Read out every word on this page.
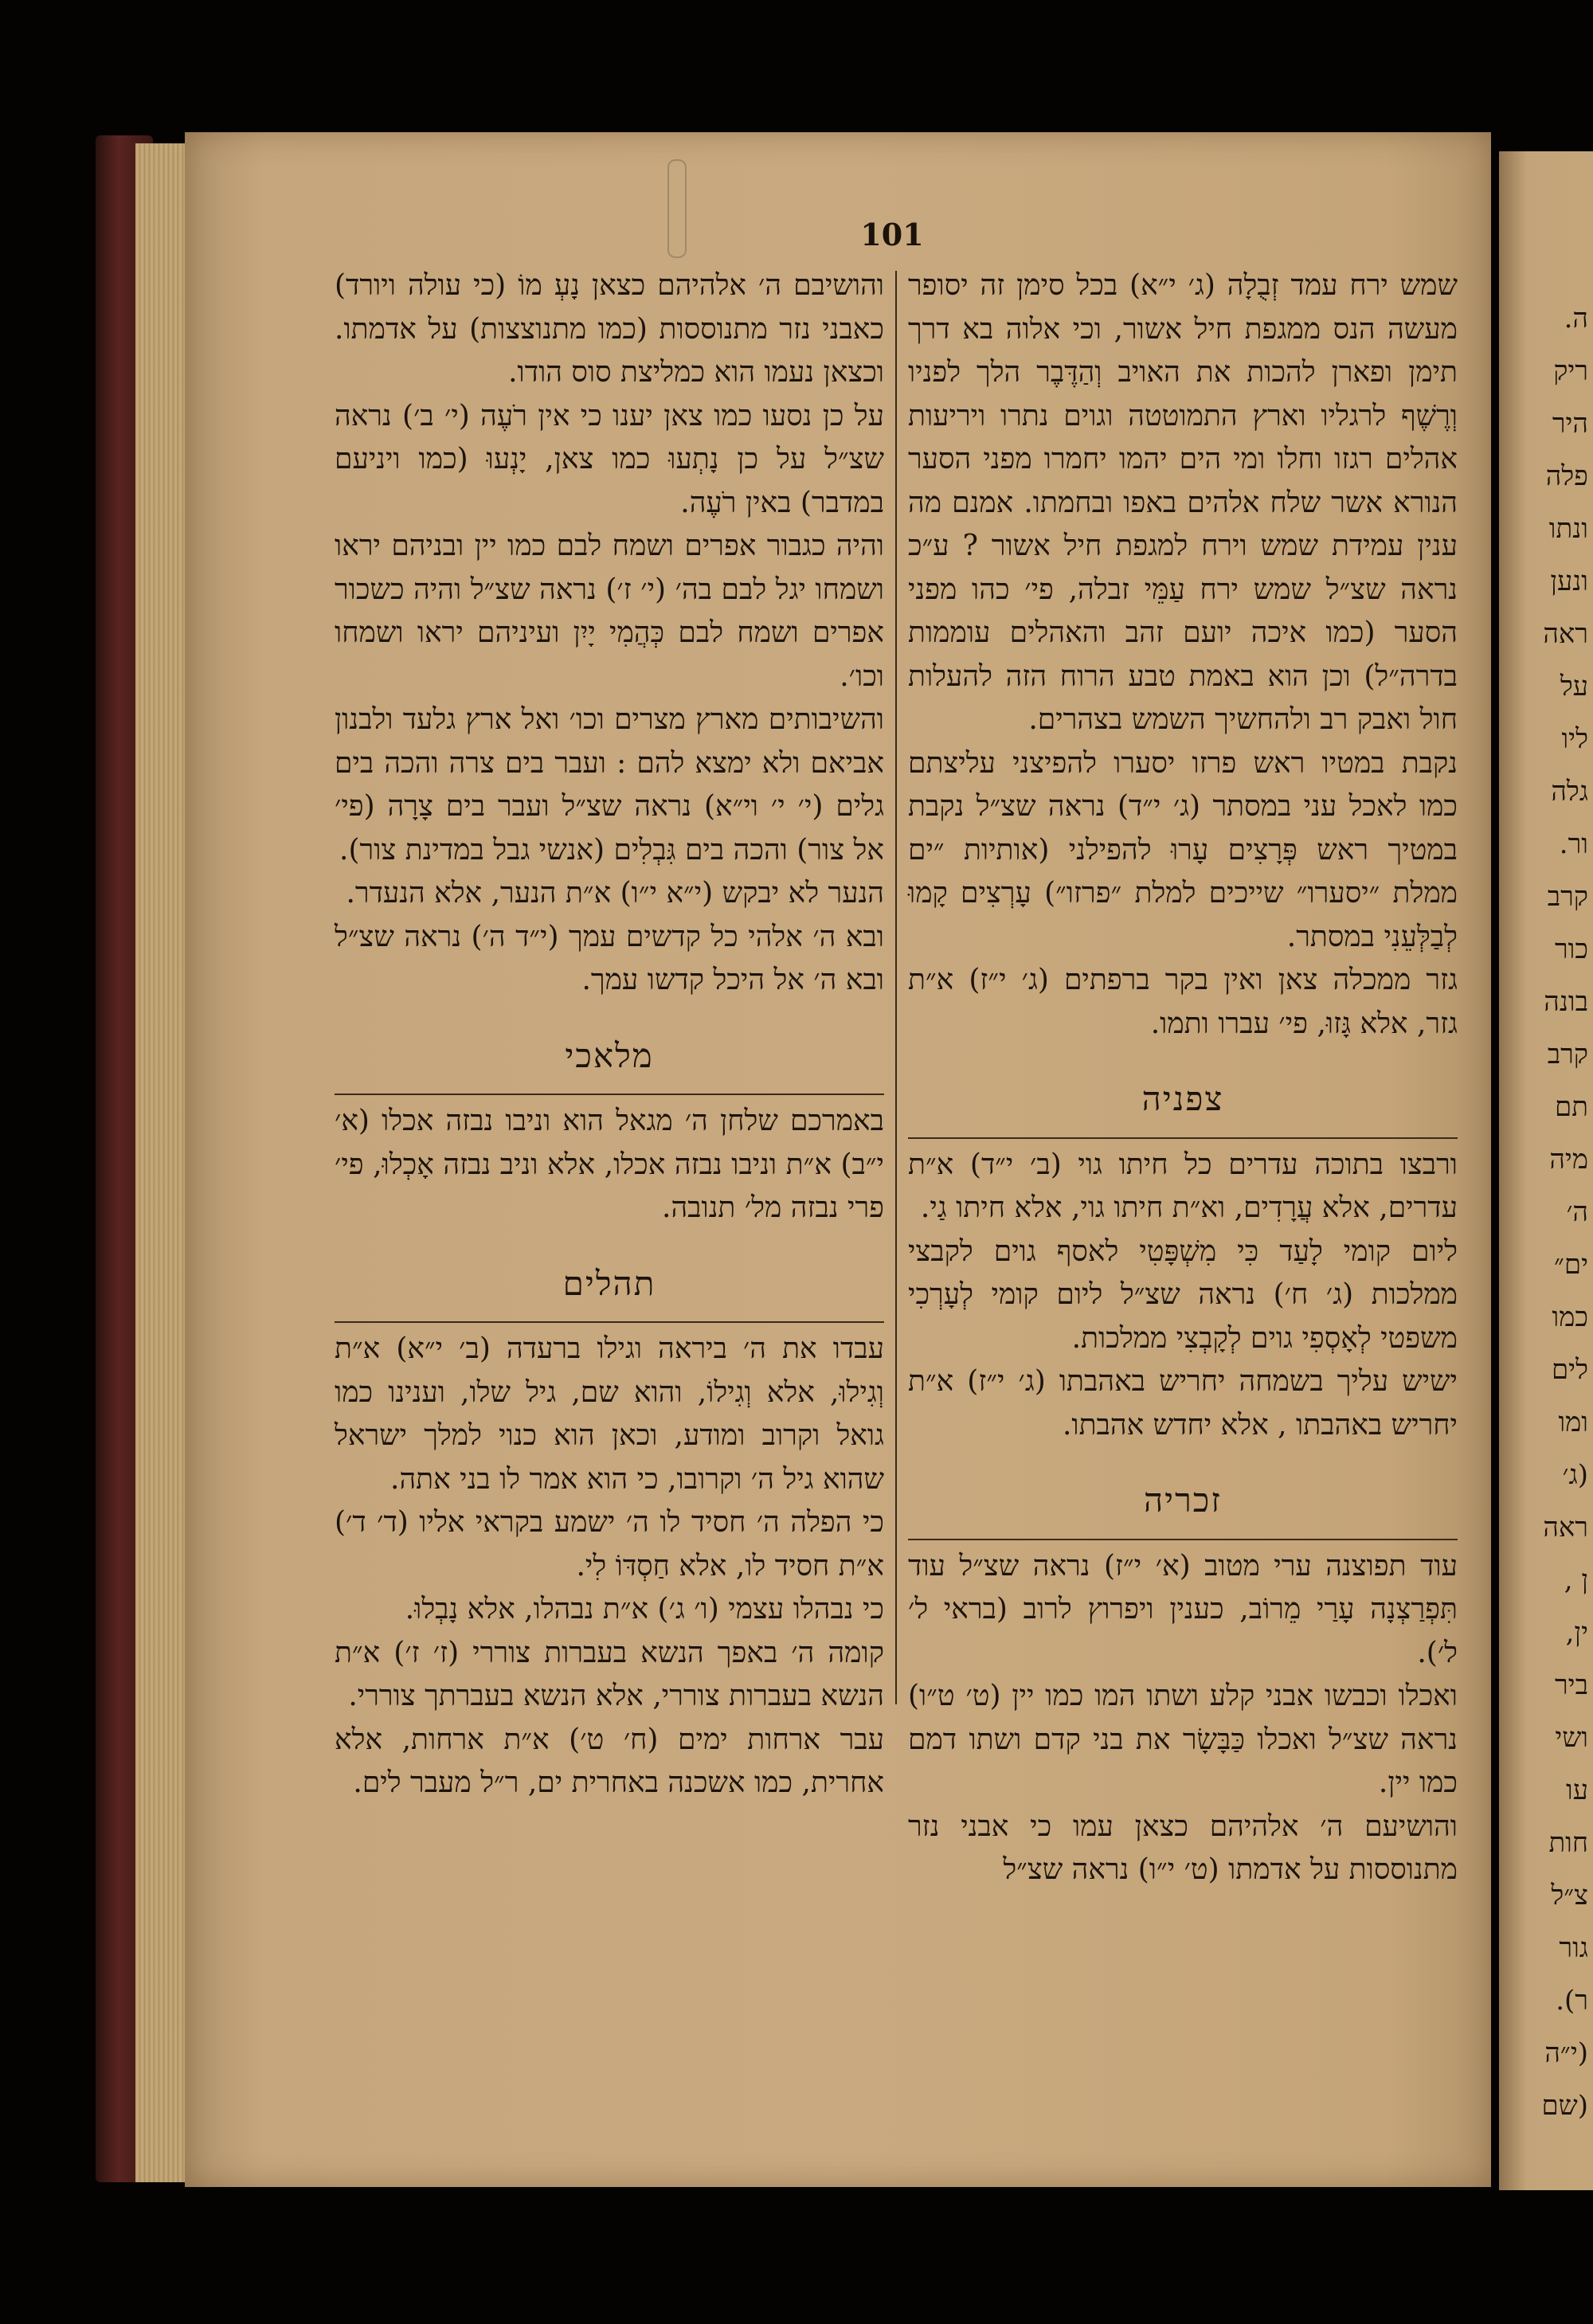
ה.
ריק
היר
פלה
ונתו
ונען
ראה
על
ליו
גלה
ור.
קרב
כור
בונה
קרב
תם
מיה
ה׳
ים״
כמו
לים
ומו
(ג׳
ראה
ן ,
ין,
ביר
ושי
עו
חות
צ״ל
גור
ר).
(י״ה
(שם
101

שמש ירח עמד זְבֻלָה (ג׳ י״א) בכל סימן זה יסופר מעשה הנס ממגפת חיל אשור, וכי אלוה בא דרך תימן ופארן להכות את האויב וְהַדֶּבֶר הלך לפניו וְרֶשֶׁף לרגליו וארץ התמוטטה וגוים נתרו ויריעות אהלים רגזו וחלו ומי הים יהמו יחמרו מפני הסער הנורא אשר שלח אלהים באפו ובחמתו. אמנם מה ענין עמידת שמש וירח למגפת חיל אשור ? ע״כ נראה שצ״ל שמש ירח עַמֵּי זבלה, פי׳ כהו מפני הסער (כמו איכה יועם זהב והאהלים עוממות בדרה״ל) וכן הוא באמת טבע הרוח הזה להעלות חול ואבק רב ולהחשיך השמש בצהרים.

נקבת במטיו ראש פרזו יסערו להפיצני עליצתם כמו לאכל עני במסתר (ג׳ י״ד) נראה שצ״ל נקבת במטיך ראש פְּרָצִים עָרוּ להפילני (אותיות ״ים ממלת ״יסערו״ שייכים למלת ״פרזו״) עָרְצִים קָמוּ לְבַלְּעֵנִי במסתר.

גזר ממכלה צאן ואין בקר ברפתים (ג׳ י״ז) א״ת גזר, אלא גָּזוּ, פי׳ עברו ותמו.

צפניה

ורבצו בתוכה עדרים כל חיתו גוי (ב׳ י״ד) א״ת עדרים, אלא עֲרָדִים, וא״ת חיתו גוי, אלא חיתו גַי.

ליום קומי לָעַד כִּי מִשְׁפָּטִי לאסף גוים לקבצי ממלכות (ג׳ ח׳) נראה שצ״ל ליום קומי לְעָרְכִי משפטי לְאָסְפִי גוים לְקָבְצִי ממלכות.

ישיש עליך בשמחה יחריש באהבתו (ג׳ י״ז) א״ת יחריש באהבתו , אלא יחדש אהבתו.

זכריה

עוד תפוצנה ערי מטוב (א׳ י״ז) נראה שצ״ל עוד תִּפְרַצְנָה עָרַי מֵרוֹב, כענין ויפרוץ לרוב (בראי ל׳ ל׳).

ואכלו וכבשו אבני קלע ושתו המו כמו יין (ט׳ ט״ו) נראה שצ״ל ואכלו כַּבָּשָׂר את בני קדם ושתו דמם כמו יין.

והושיעם ה׳ אלהיהם כצאן עמו כי אבני נזר מתנוססות על אדמתו (ט׳ י״ו) נראה שצ״ל

והושיבם ה׳ אלהיהם כצאן נָעְ מוֹ (כי עולה ויורד) כאבני נזר מתנוססות (כמו מתנוצצות) על אדמתו. וכצאן נעמו הוא כמליצת סוס הודו.

על כן נסעו כמו צאן יענו כי אין רֹעֶה (י׳ ב׳) נראה שצ״ל על כן נָתְעוּ כמו צאן, יָנְעוּ (כמו ויניעם במדבר) באין רֹעֶה.

והיה כגבור אפרים ושמח לבם כמו יין ובניהם יראו ושמחו יגל לבם בה׳ (י׳ ז׳) נראה שצ״ל והיה כשכור אפרים ושמח לבם כְּהֲמִי יָיִן ועיניהם יראו ושמחו וכו׳.

והשיבותים מארץ מצרים וכו׳ ואל ארץ גלעד ולבנון אביאם ולא ימצא להם : ועבר בים צרה והכה בים גלים (י׳ י׳ וי״א) נראה שצ״ל ועבר בים צָרָה (פי׳ אל צור) והכה בים גִּבְלִים (אנשי גבל במדינת צור).

הנער לא יבקש (י״א י״ו) א״ת הנער, אלא הנעדר.

ובא ה׳ אלהי כל קדשים עמך (י״ד ה׳) נראה שצ״ל ובא ה׳ אל היכל קדשו עמך.

מלאכי

באמרכם שלחן ה׳ מגאל הוא וניבו נבזה אכלו (א׳ י״ב) א״ת וניבו נבזה אכלו, אלא וניב נבזה אָכְלוּ, פי׳ פרי נבזה מל׳ תנובה.

תהלים

עבדו את ה׳ ביראה וגילו ברעדה (ב׳ י״א) א״ת וְגִילוּ, אלא וְגִילוֹ, והוא שם, גיל שלו, וענינו כמו גואל וקרוב ומודע, וכאן הוא כנוי למלך ישראל שהוא גיל ה׳ וקרובו, כי הוא אמר לו בני אתה.

כי הפלה ה׳ חסיד לו ה׳ ישמע בקראי אליו (ד׳ ד׳) א״ת חסיד לו, אלא חַסְדּוֹ לִי.

כי נבהלו עצמי (ו׳ ג׳) א״ת נבהלו, אלא נָבְלוּ.

קומה ה׳ באפך הנשא בעברות צוררי (ז׳ ז׳) א״ת הנשא בעברות צוררי, אלא הנשא בעברתך צוררי.

עבר ארחות ימים (ח׳ ט׳) א״ת ארחות, אלא אחרית, כמו אשכנה באחרית ים, ר״ל מעבר לים.
